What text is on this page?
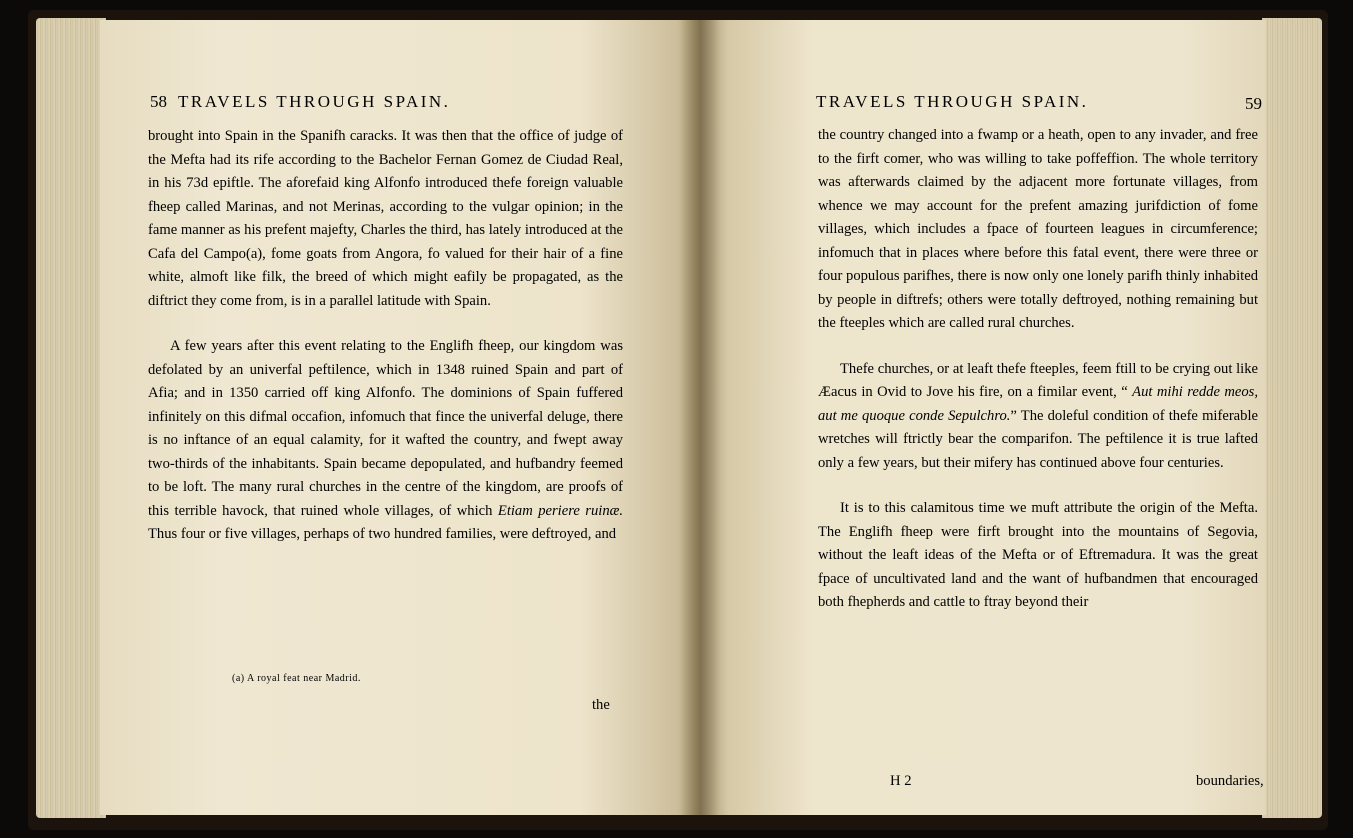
58 TRAVELS THROUGH SPAIN.

brought into Spain in the Spanifh caracks. It was then that the office of judge of the Mefta had its rife according to the Bachelor Fernan Gomez de Ciudad Real, in his 73d epiftle. The aforefaid king Alfonfo introduced thefe foreign valuable fheep called Marinas, and not Merinas, according to the vulgar opinion; in the fame manner as his prefent majefty, Charles the third, has lately introduced at the Cafa del Campo(a), fome goats from Angora, fo valued for their hair of a fine white, almoft like filk, the breed of which might eafily be propagated, as the diftrict they come from, is in a parallel latitude with Spain.

A few years after this event relating to the Englifh fheep, our kingdom was defolated by an univerfal peftilence, which in 1348 ruined Spain and part of Afia; and in 1350 carried off king Alfonfo. The dominions of Spain fuffered infinitely on this difmal occafion, infomuch that fince the univerfal deluge, there is no inftance of an equal calamity, for it wafted the country, and fwept away two-thirds of the inhabitants. Spain became depopulated, and hufbandry feemed to be loft. The many rural churches in the centre of the kingdom, are proofs of this terrible havock, that ruined whole villages, of which Etiam periere ruinæ. Thus four or five villages, perhaps of two hundred families, were deftroyed, and

(a) A royal feat near Madrid.
the
TRAVELS THROUGH SPAIN.	59

the country changed into a fwamp or a heath, open to any invader, and free to the firft comer, who was willing to take poffeffion. The whole territory was afterwards claimed by the adjacent more fortunate villages, from whence we may account for the prefent amazing jurifdiction of fome villages, which includes a fpace of fourteen leagues in circumference; infomuch that in places where before this fatal event, there were three or four populous parifhes, there is now only one lonely parifh thinly inhabited by people in diftrefs; others were totally deftroyed, nothing remaining but the fteeples which are called rural churches.

Thefe churches, or at leaft thefe fteeples, feem ftill to be crying out like Æacus in Ovid to Jove his fire, on a fimilar event, “ Aut mihi redde meos, aut me quoque conde Sepulchro.” The doleful condition of thefe miferable wretches will ftrictly bear the comparifon. The peftilence it is true lafted only a few years, but their mifery has continued above four centuries.

It is to this calamitous time we muft attribute the origin of the Mefta. The Englifh fheep were firft brought into the mountains of Segovia, without the leaft ideas of the Mefta or of Eftremadura. It was the great fpace of uncultivated land and the want of hufbandmen that encouraged both fhepherds and cattle to ftray beyond their

H 2	boundaries,
